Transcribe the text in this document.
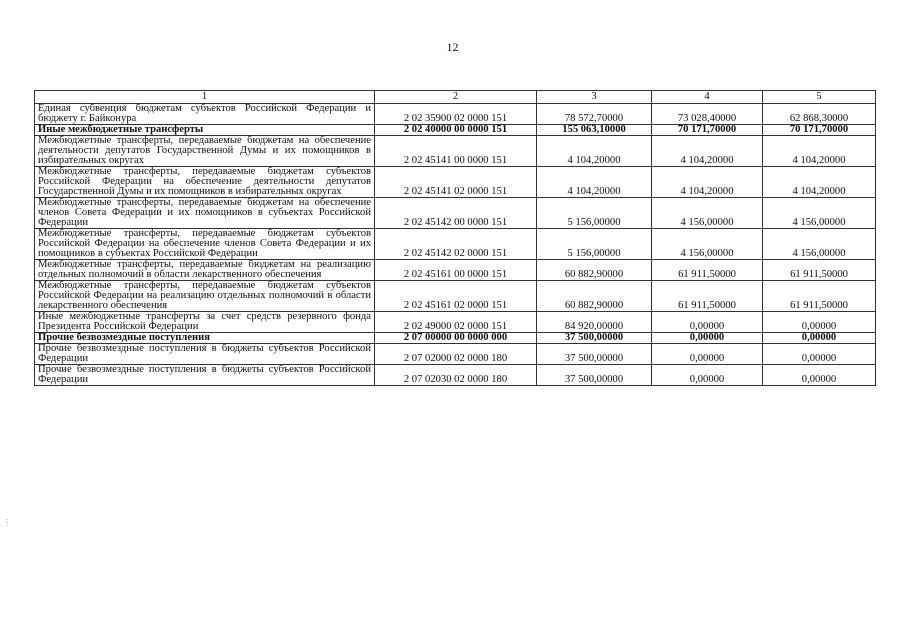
12
1	2	3	4	5
Единая субвенция бюджетам субъектов Российской Федерации и бюджету г. Байконура	2 02 35900 02 0000 151	78 572,70000	73 028,40000	62 868,30000
Иные межбюджетные трансферты	2 02 40000 00 0000 151	155 063,10000	70 171,70000	70 171,70000
Межбюджетные трансферты, передаваемые бюджетам на обеспечение деятельности депутатов Государственной Думы и их помощников в избирательных округах	2 02 45141 00 0000 151	4 104,20000	4 104,20000	4 104,20000
Межбюджетные трансферты, передаваемые бюджетам субъектов Российской Федерации на обеспечение деятельности депутатов Государственной Думы и их помощников в избирательных округах	2 02 45141 02 0000 151	4 104,20000	4 104,20000	4 104,20000
Межбюджетные трансферты, передаваемые бюджетам на обеспечение членов Совета Федерации и их помощников в субъектах Российской Федерации	2 02 45142 00 0000 151	5 156,00000	4 156,00000	4 156,00000
Межбюджетные трансферты, передаваемые бюджетам субъектов Российской Федерации на обеспечение членов Совета Федерации и их помощников в субъектах Российской Федерации	2 02 45142 02 0000 151	5 156,00000	4 156,00000	4 156,00000
Межбюджетные трансферты, передаваемые бюджетам на реализацию отдельных полномочий в области лекарственного обеспечения	2 02 45161 00 0000 151	60 882,90000	61 911,50000	61 911,50000
Межбюджетные трансферты, передаваемые бюджетам субъектов Российской Федерации на реализацию отдельных полномочий в области лекарственного обеспечения	2 02 45161 02 0000 151	60 882,90000	61 911,50000	61 911,50000
Иные межбюджетные трансферты за счет средств резервного фонда Президента Российской Федерации	2 02 49000 02 0000 151	84 920,00000	0,00000	0,00000
Прочие безвозмездные поступления	2 07 00000 00 0000 000	37 500,00000	0,00000	0,00000
Прочие безвозмездные поступления в бюджеты субъектов Российской Федерации	2 07 02000 02 0000 180	37 500,00000	0,00000	0,00000
Прочие безвозмездные поступления в бюджеты субъектов Российской Федерации	2 07 02030 02 0000 180	37 500,00000	0,00000	0,00000
⋮
